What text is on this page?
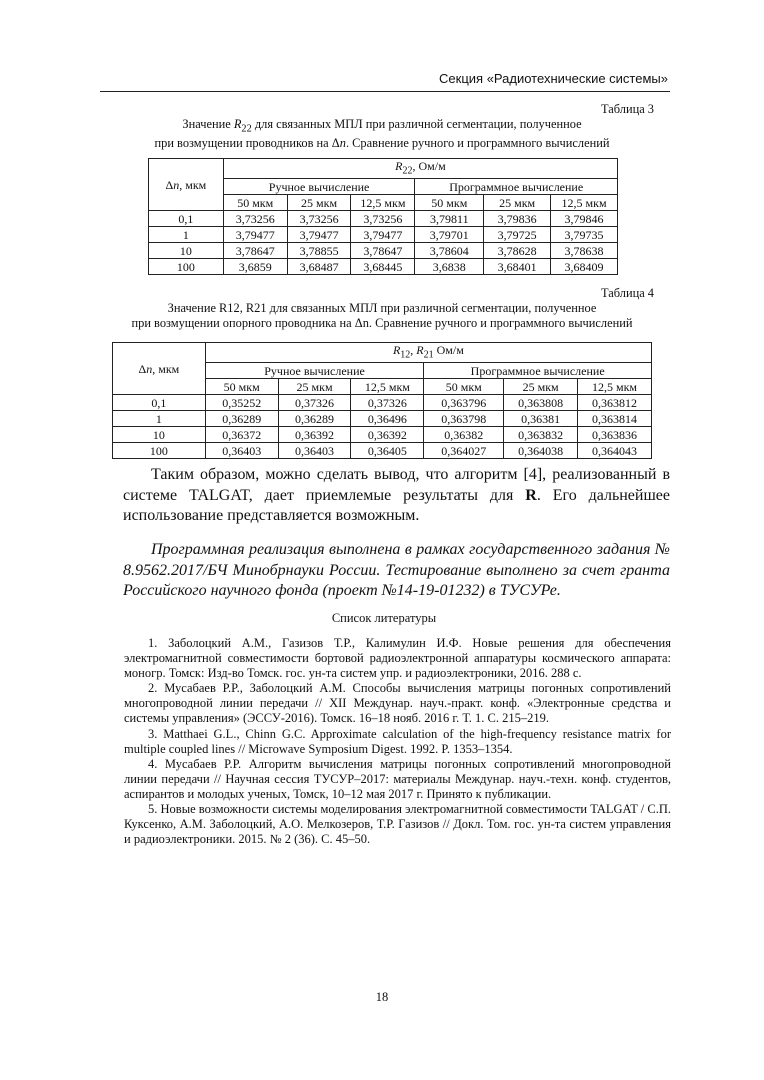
Секция «Радиотехнические системы»
Таблица 3
Значение $R_{22}$ для связанных МПЛ при различной сегментации, полученное
при возмущении проводников на Δn. Сравнение ручного и программного вычислений
Δn, мкм	$R_{22}$, Ом/м					
	Ручное вычисление			Программное вычисление		
	50 мкм	25 мкм	12,5 мкм	50 мкм	25 мкм	12,5 мкм
0,1	3,73256	3,73256	3,73256	3,79811	3,79836	3,79846
1	3,79477	3,79477	3,79477	3,79701	3,79725	3,79735
10	3,78647	3,78855	3,78647	3,78604	3,78628	3,78638
100	3,6859	3,68487	3,68445	3,6838	3,68401	3,68409
Таблица 4
Значение R12, R21 для связанных МПЛ при различной сегментации, полученное
при возмущении опорного проводника на Δn. Сравнение ручного и программного вычислений
Δn, мкм	$R_{12}$, $R_{21}$ Ом/м					
	Ручное вычисление			Программное вычисление		
	50 мкм	25 мкм	12,5 мкм	50 мкм	25 мкм	12,5 мкм
0,1	0,35252	0,37326	0,37326	0,363796	0,363808	0,363812
1	0,36289	0,36289	0,36496	0,363798	0,36381	0,363814
10	0,36372	0,36392	0,36392	0,36382	0,363832	0,363836
100	0,36403	0,36403	0,36405	0,364027	0,364038	0,364043

Таким образом, можно сделать вывод, что алгоритм [4], реализованный в системе TALGAT, дает приемлемые результаты для R. Его дальнейшее использование представляется возможным.

Программная реализация выполнена в рамках государственного задания № 8.9562.2017/БЧ Минобрнауки России. Тестирование выполнено за счет гранта Российского научного фонда (проект №14-19-01232) в ТУСУРе.

Список литературы

1. Заболоцкий А.М., Газизов Т.Р., Калимулин И.Ф. Новые решения для обеспечения электромагнитной совместимости бортовой радиоэлектронной аппаратуры космического аппарата: моногр. Томск: Изд-во Томск. гос. ун-та систем упр. и радиоэлектроники, 2016. 288 с.

2. Мусабаев Р.Р., Заболоцкий А.М. Способы вычисления матрицы погонных сопротивлений многопроводной линии передачи // XII Междунар. науч.-практ. конф. «Электронные средства и системы управления» (ЭССУ-2016). Томск. 16–18 нояб. 2016 г. Т. 1. С. 215–219.

3. Matthaei G.L., Chinn G.C. Approximate calculation of the high-frequency resistance matrix for multiple coupled lines // Microwave Symposium Digest. 1992. P. 1353–1354.

4. Мусабаев Р.Р. Алгоритм вычисления матрицы погонных сопротивлений многопроводной линии передачи // Научная сессия ТУСУР–2017: материалы Междунар. науч.-техн. конф. студентов, аспирантов и молодых ученых, Томск, 10–12 мая 2017 г. Принято к публикации.

5. Новые возможности системы моделирования электромагнитной совместимости TALGAT / С.П. Куксенко, А.М. Заболоцкий, А.О. Мелкозеров, Т.Р. Газизов // Докл. Том. гос. ун-та систем управления и радиоэлектроники. 2015. № 2 (36). С. 45–50.

18
